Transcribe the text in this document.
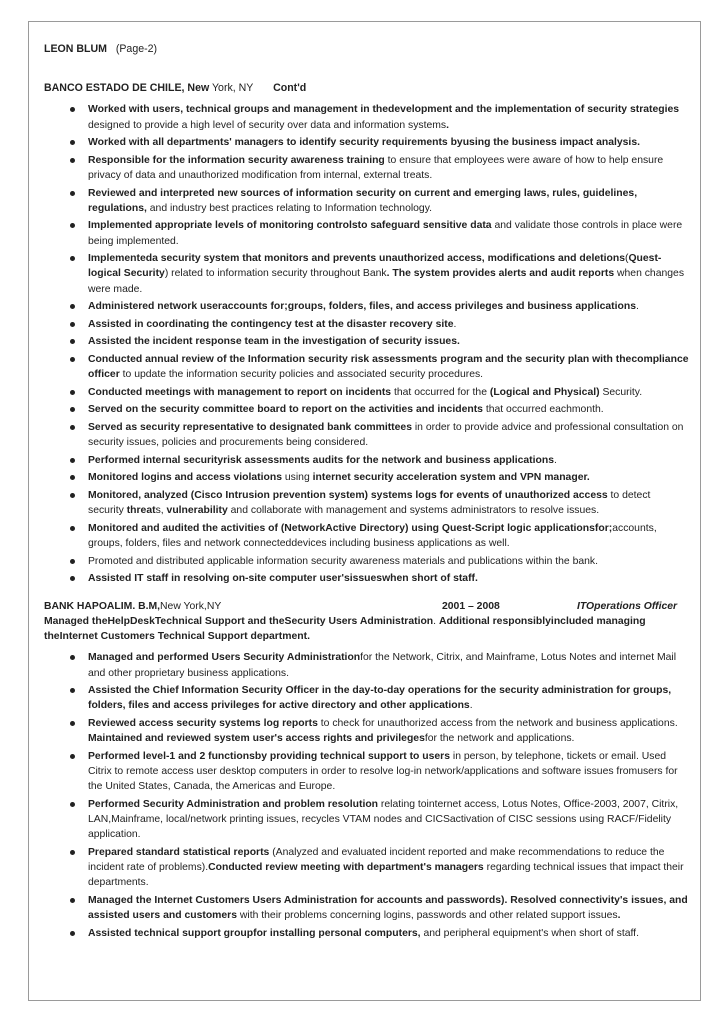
LEON BLUM (Page-2)
BANCO ESTADO DE CHILE, New York, NY Cont'd
Worked with users, technical groups and management in thedevelopment and the implementation of security strategies designed to provide a high level of security over data and information systems.
Worked with all departments' managers to identify security requirements byusing the business impact analysis.
Responsible for the information security awareness training to ensure that employees were aware of how to help ensure privacy of data and unauthorized modification from internal, external treats.
Reviewed and interpreted new sources of information security on current and emerging laws, rules, guidelines, regulations, and industry best practices relating to Information technology.
Implemented appropriate levels of monitoring controlsto safeguard sensitive data and validate those controls in place were being implemented.
Implementeda security system that monitors and prevents unauthorized access, modifications and deletions(Quest-logical Security) related to information security throughout Bank. The system provides alerts and audit reports when changes were made.
Administered network useraccounts for;groups, folders, files, and access privileges and business applications.
Assisted in coordinating the contingency test at the disaster recovery site.
Assisted the incident response team in the investigation of security issues.
Conducted annual review of the Information security risk assessments program and the security plan with thecompliance officer to update the information security policies and associated security procedures.
Conducted meetings with management to report on incidents that occurred for the (Logical and Physical) Security.
Served on the security committee board to report on the activities and incidents that occurred eachmonth.
Served as security representative to designated bank committees in order to provide advice and professional consultation on security issues, policies and procurements being considered.
Performed internal securityrisk assessments audits for the network and business applications.
Monitored logins and access violations using internet security acceleration system and VPN manager.
Monitored, analyzed (Cisco Intrusion prevention system) systems logs for events of unauthorized access to detect security threats, vulnerability and collaborate with management and systems administrators to resolve issues.
Monitored and audited the activities of (NetworkActive Directory) using Quest-Script logic applicationsfor;accounts, groups, folders, files and network connecteddevices including business applications as well.
Promoted and distributed applicable information security awareness materials and publications within the bank.
Assisted IT staff in resolving on-site computer user'sissueswhen short of staff.
BANK HAPOALIM. B.M,New York,NY	2001 – 2008	ITOperations Officer
Managed theHelpDeskTechnical Support and theSecurity Users Administration. Additional responsiblyincluded managing theInternet Customers Technical Support department.
Managed and performed Users Security Administrationfor the Network, Citrix, and Mainframe, Lotus Notes and internet Mail and other proprietary business applications.
Assisted the Chief Information Security Officer in the day-to-day operations for the security administration for groups, folders, files and access privileges for active directory and other applications.
Reviewed access security systems log reports to check for unauthorized access from the network and business applications. Maintained and reviewed system user's access rights and privilegesfor the network and applications.
Performed level-1 and 2 functionsby providing technical support to users in person, by telephone, tickets or email. Used Citrix to remote access user desktop computers in order to resolve log-in network/applications and software issues fromusers for the United States, Canada, the Americas and Europe.
Performed Security Administration and problem resolution relating tointernet access, Lotus Notes, Office-2003, 2007, Citrix, LAN,Mainframe, local/network printing issues, recycles VTAM nodes and CICSactivation of CISC sessions using RACF/Fidelity application.
Prepared standard statistical reports (Analyzed and evaluated incident reported and make recommendations to reduce the incident rate of problems).Conducted review meeting with department's managers regarding technical issues that impact their departments.
Managed the Internet Customers Users Administration for accounts and passwords). Resolved connectivity's issues, and assisted users and customers with their problems concerning logins, passwords and other related support issues.
Assisted technical support groupfor installing personal computers, and peripheral equipment's when short of staff.
